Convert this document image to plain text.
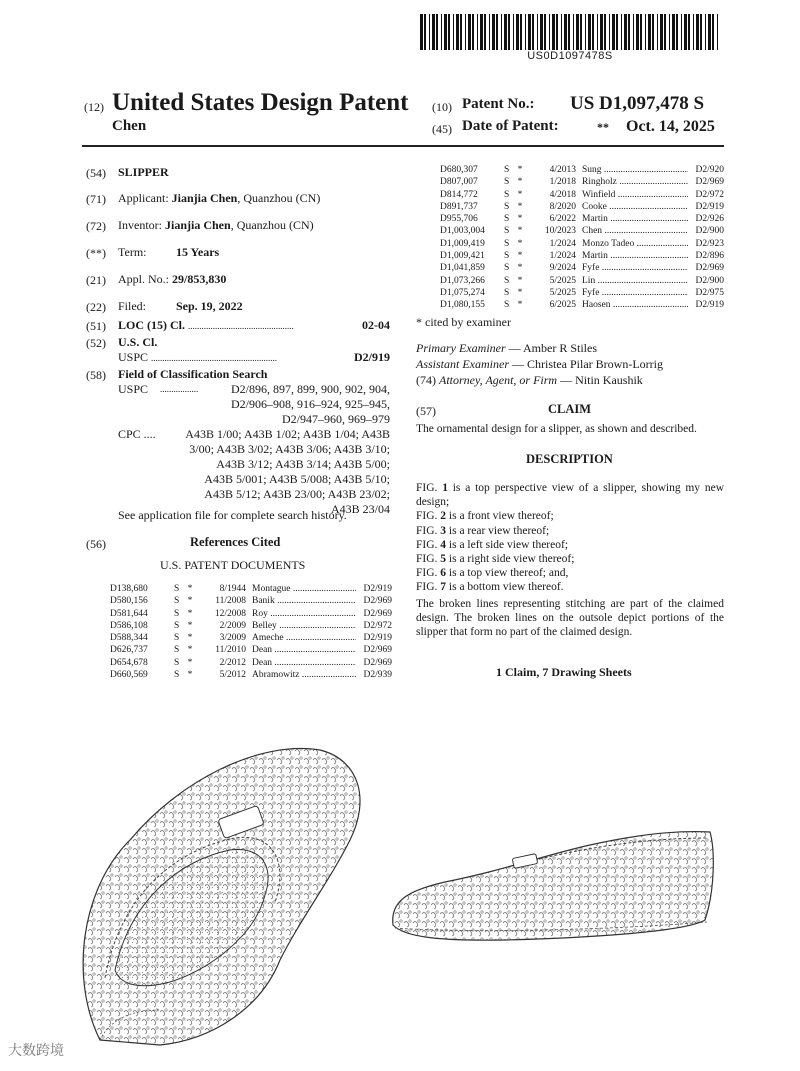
US0D1097478S
(12) United States Design Patent (10) Patent No.: US D1,097,478 S
Chen	(45) Date of Patent:	** Oct. 14, 2025
(54) SLIPPER
(71) Applicant: Jianjia Chen, Quanzhou (CN)
(72) Inventor: Jianjia Chen, Quanzhou (CN)
(**) Term: 15 Years
(21) Appl. No.: 29/853,830
(22) Filed: Sep. 19, 2022
(51) LOC (15) Cl. ...............................................	02-04
(52) U.S. Cl.
USPC ........................................................	D2/919
(58) Field of Classification Search
USPC .................	D2/896, 897, 899, 900, 902, 904,
D2/906–908, 916–924, 925–945,
D2/947–960, 969–979
CPC ....	A43B 1/00; A43B 1/02; A43B 1/04; A43B
3/00; A43B 3/02; A43B 3/06; A43B 3/10;
A43B 3/12; A43B 3/14; A43B 5/00;
A43B 5/001; A43B 5/008; A43B 5/10;
A43B 5/12; A43B 23/00; A43B 23/02;
A43B 23/04
See application file for complete search history.
(56)	References Cited
U.S. PATENT DOCUMENTS
D138,680	S *	8/1944 Montague .....	D2/919
D580,156	S *	11/2008 Banik .....	D2/969
D581,644	S *	12/2008 Roy .....	D2/969
D586,108	S *	2/2009 Belley .....	D2/972
D588,344	S *	3/2009 Ameche .....	D2/919
D626,737	S *	11/2010 Dean .....	D2/969
D654,678	S *	2/2012 Dean .....	D2/969
D660,569	S *	5/2012 Abramowitz .....	D2/939
D680,307	S *	4/2013 Sung .....	D2/920
D807,007	S *	1/2018 Ringholz .....	D2/969
D814,772	S *	4/2018 Winfield .....	D2/972
D891,737	S *	8/2020 Cooke .....	D2/919
D955,706	S *	6/2022 Martin .....	D2/926
D1,003,004	S *	10/2023 Chen .....	D2/900
D1,009,419	S *	1/2024 Monzo Tadeo .....	D2/923
D1,009,421	S *	1/2024 Martin .....	D2/896
D1,041,859	S *	9/2024 Fyfe .....	D2/969
D1,073,266	S *	5/2025 Lin .....	D2/900
D1,075,274	S *	5/2025 Fyfe .....	D2/975
D1,080,155	S *	6/2025 Haosen .....	D2/919
* cited by examiner
Primary Examiner — Amber R Stiles
Assistant Examiner — Christea Pilar Brown-Lorrig
(74) Attorney, Agent, or Firm — Nitin Kaushik
(57)	CLAIM
The ornamental design for a slipper, as shown and described.
DESCRIPTION
FIG. 1 is a top perspective view of a slipper, showing my new design;
FIG. 2 is a front view thereof;
FIG. 3 is a rear view thereof;
FIG. 4 is a left side view thereof;
FIG. 5 is a right side view thereof;
FIG. 6 is a top view thereof; and,
FIG. 7 is a bottom view thereof.
The broken lines representing stitching are part of the claimed design. The broken lines on the outsole depict portions of the slipper that form no part of the claimed design.
1 Claim, 7 Drawing Sheets
大数跨境
